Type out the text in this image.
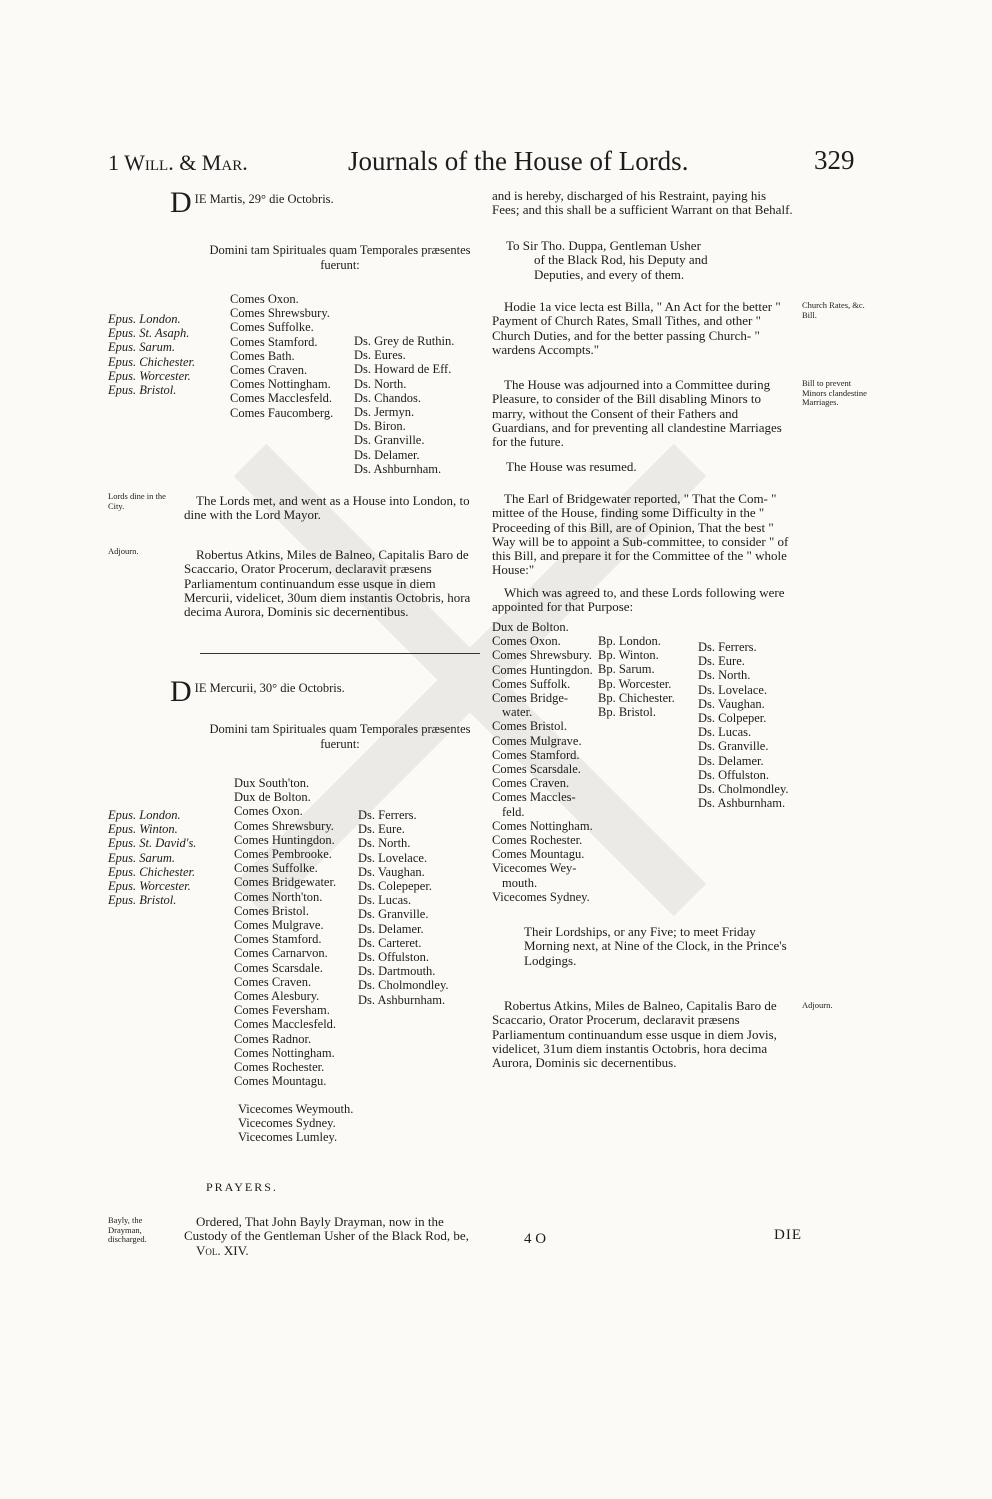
1 Will. & Mar.	Journals of the House of Lords.	329
D IE Martis, 29° die Octobris.
Domini tam Spirituales quam Temporales præsentes fuerunt:
Epus. London.
Epus. St. Asaph.
Epus. Sarum.
Epus. Chichester.
Epus. Worcester.
Epus. Bristol.
Comes Oxon.
Comes Shrewsbury.
Comes Suffolke.
Comes Stamford.
Comes Bath.
Comes Craven.
Comes Nottingham.
Comes Macclesfeld.
Comes Faucomberg.
Ds. Grey de Ruthin.
Ds. Eures.
Ds. Howard de Eff.
Ds. North.
Ds. Chandos.
Ds. Jermyn.
Ds. Biron.
Ds. Granville.
Ds. Delamer.
Ds. Ashburnham.
Lords dine in the City.	The Lords met, and went as a House into London, to dine with the Lord Mayor.
Adjourn.	Robertus Atkins, Miles de Balneo, Capitalis Baro de Scaccario, Orator Procerum, declaravit præsens Parliamentum continuandum esse usque in diem Mercurii, videlicet, 30um diem instantis Octobris, hora decima Aurora, Dominis sic decernentibus.
D IE Mercurii, 30° die Octobris.
Domini tam Spirituales quam Temporales præsentes fuerunt:
Epus. London.
Epus. Winton.
Epus. St. David's.
Epus. Sarum.
Epus. Chichester.
Epus. Worcester.
Epus. Bristol.
Dux South'ton.
Dux de Bolton.
Comes Oxon.
Comes Shrewsbury.
Comes Huntingdon.
Comes Pembrooke.
Comes Suffolke.
Comes Bridgewater.
Comes North'ton.
Comes Bristol.
Comes Mulgrave.
Comes Stamford.
Comes Carnarvon.
Comes Scarsdale.
Comes Craven.
Comes Alesbury.
Comes Feversham.
Comes Macclesfeld.
Comes Radnor.
Comes Nottingham.
Comes Rochester.
Comes Mountagu.
Vicecomes Weymouth.
Vicecomes Sydney.
Vicecomes Lumley.
Ds. Ferrers.
Ds. Eure.
Ds. North.
Ds. Lovelace.
Ds. Vaughan.
Ds. Colepeper.
Ds. Lucas.
Ds. Granville.
Ds. Delamer.
Ds. Carteret.
Ds. Offulston.
Ds. Dartmouth.
Ds. Cholmondley.
Ds. Ashburnham.
PRAYERS.
Bayly, the Drayman, discharged.
Ordered, That John Bayly Drayman, now in the Custody of the Gentleman Usher of the Black Rod, be,
Vol. XIV.
4 O	DIE
and is hereby, discharged of his Restraint, paying his Fees; and this shall be a sufficient Warrant on that Behalf.
To Sir Tho. Duppa, Gentleman Usher
of the Black Rod, his Deputy and
Deputies, and every of them.
Church Rates, &c. Bill.
Hodie 1a vice lecta est Billa, " An Act for the better " Payment of Church Rates, Small Tithes, and other " Church Duties, and for the better passing Church- " wardens Accompts."
Bill to prevent Minors clandestine Marriages.
The House was adjourned into a Committee during Pleasure, to consider of the Bill disabling Minors to marry, without the Consent of their Fathers and Guardians, and for preventing all clandestine Marriages for the future.
The House was resumed.
The Earl of Bridgewater reported, " That the Com- " mittee of the House, finding some Difficulty in the " Proceeding of this Bill, are of Opinion, That the best " Way will be to appoint a Sub-committee, to consider " of this Bill, and prepare it for the Committee of the " whole House:"
Which was agreed to, and these Lords following were appointed for that Purpose:
Dux de Bolton.
Comes Oxon.
Comes Shrewsbury.
Comes Huntingdon.
Comes Suffolk.
Comes Bridge-
water.
Comes Bristol.
Comes Mulgrave.
Comes Stamford.
Comes Scarsdale.
Comes Craven.
Comes Maccles-
feld.
Comes Nottingham.
Comes Rochester.
Comes Mountagu.
Vicecomes Wey-
mouth.
Vicecomes Sydney.
Bp. London.
Bp. Winton.
Bp. Sarum.
Bp. Worcester.
Bp. Chichester.
Bp. Bristol.
Ds. Ferrers.
Ds. Eure.
Ds. North.
Ds. Lovelace.
Ds. Vaughan.
Ds. Colpeper.
Ds. Lucas.
Ds. Granville.
Ds. Delamer.
Ds. Offulston.
Ds. Cholmondley.
Ds. Ashburnham.
Their Lordships, or any Five; to meet Friday Morning next, at Nine of the Clock, in the Prince's Lodgings.
Adjourn.
Robertus Atkins, Miles de Balneo, Capitalis Baro de Scaccario, Orator Procerum, declaravit præsens Parliamentum continuandum esse usque in diem Jovis, videlicet, 31um diem instantis Octobris, hora decima Aurora, Dominis sic decernentibus.
